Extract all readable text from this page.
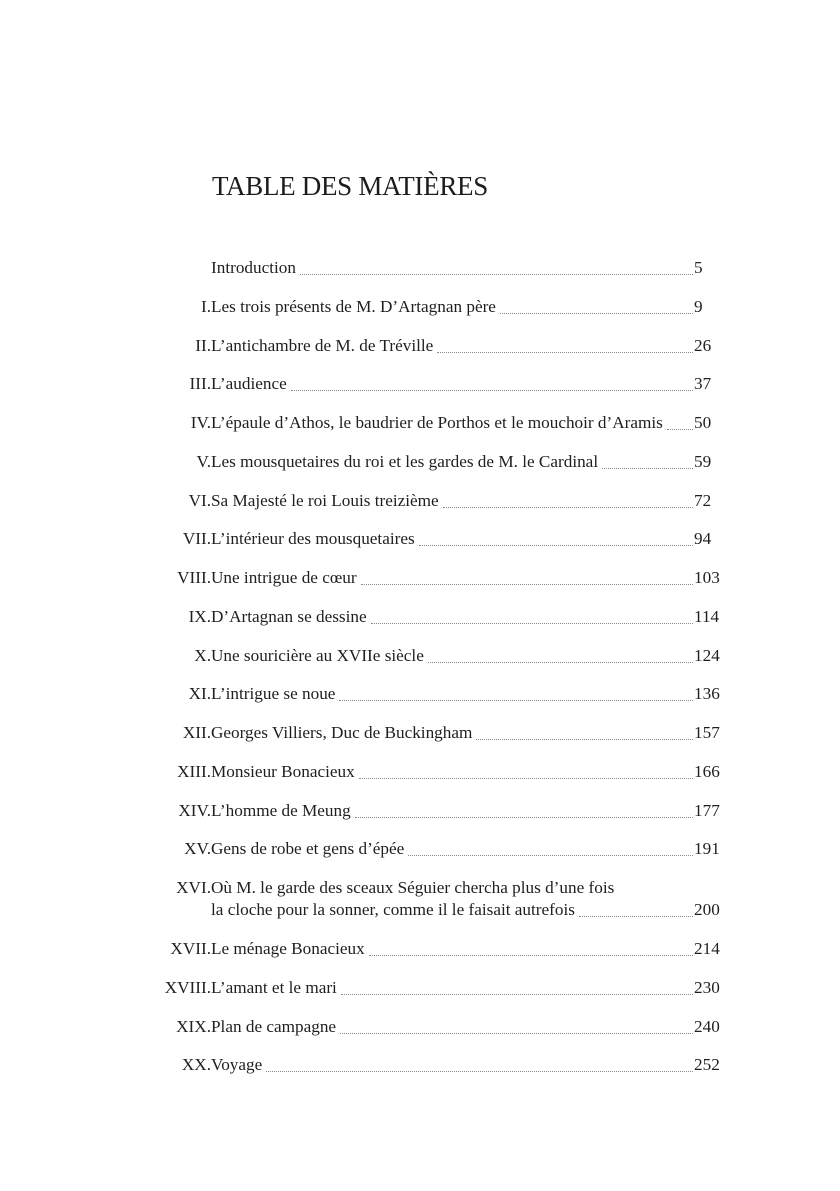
TABLE DES MATIÈRES
Introduction	5
I. Les trois présents de M. D’Artagnan père	9
II. L’antichambre de M. de Tréville	26
III. L’audience	37
IV. L’épaule d’Athos, le baudrier de Porthos et le mouchoir d’Aramis 50
V. Les mousquetaires du roi et les gardes de M. le Cardinal	59
VI. Sa Majesté le roi Louis treizième	72
VII. L’intérieur des mousquetaires	94
VIII. Une intrigue de cœur	103
IX. D’Artagnan se dessine	114
X. Une souricière au XVIIe siècle	124
XI. L’intrigue se noue	136
XII. Georges Villiers, Duc de Buckingham	157
XIII. Monsieur Bonacieux	166
XIV. L’homme de Meung	177
XV. Gens de robe et gens d’épée	191
XVI. Où M. le garde des sceaux Séguier chercha plus d’une fois
la cloche pour la sonner, comme il le faisait autrefois	200
XVII. Le ménage Bonacieux	214
XVIII. L’amant et le mari	230
XIX. Plan de campagne	240
XX. Voyage	252
